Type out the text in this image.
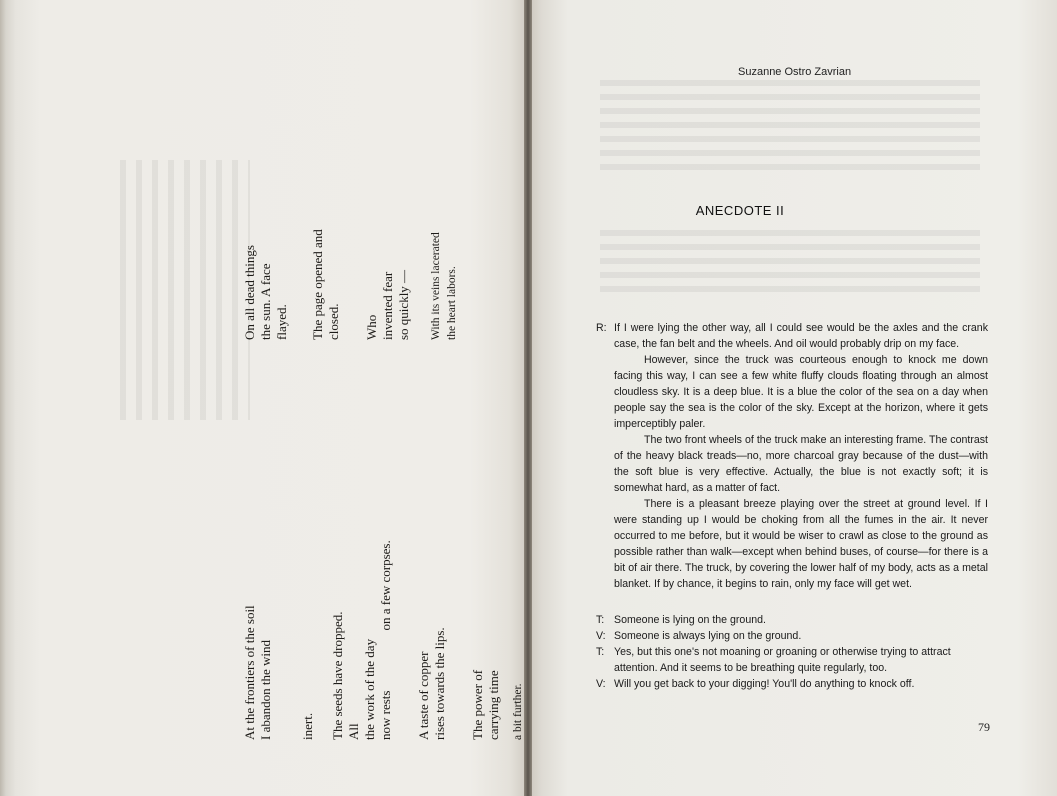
At the frontiers of the soil I abandon the wind inert. The seeds have dropped. All the work of the day now restson a few corpses.
A taste of copper rises towards the lips. The power of carrying time a bit further.
On all dead things the sun. A face flayed. The page opened and closed. Who invented fear so quickly — With its veins lacerated the heart labors.
Suzanne Ostro Zavrian
ANECDOTE II
R: If I were lying the other way, all I could see would be the axles and the crank case, the fan belt and the wheels. And oil would probably drip on my face.

However, since the truck was courteous enough to knock me down facing this way, I can see a few white fluffy clouds floating through an almost cloudless sky. It is a deep blue. It is a blue the color of the sea on a day when people say the sea is the color of the sky. Except at the horizon, where it gets imperceptibly paler.

The two front wheels of the truck make an interesting frame. The contrast of the heavy black treads—no, more charcoal gray because of the dust—with the soft blue is very effective. Actually, the blue is not exactly soft; it is somewhat hard, as a matter of fact.

There is a pleasant breeze playing over the street at ground level. If I were standing up I would be choking from all the fumes in the air. It never occurred to me before, but it would be wiser to crawl as close to the ground as possible rather than walk—except when behind buses, of course—for there is a bit of air there. The truck, by covering the lower half of my body, acts as a metal blanket. If by chance, it begins to rain, only my face will get wet.

T: Someone is lying on the ground.
V: Someone is always lying on the ground.
T: Yes, but this one's not moaning or groaning or otherwise trying to attract attention. And it seems to be breathing quite regularly, too.
V: Will you get back to your digging! You'll do anything to knock off.
79
